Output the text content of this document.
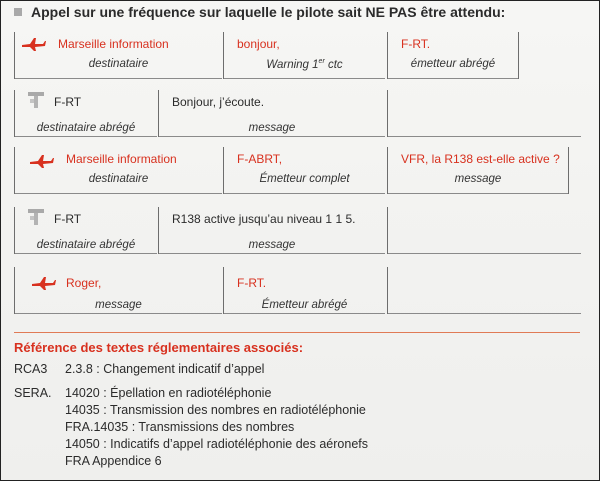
Appel sur une fréquence sur laquelle le pilote sait NE PAS être attendu:
Marseille information
destinataire
bonjour,
Warning 1er ctc
F-RT.
émetteur abrégé
F-RT
destinataire abrégé
Bonjour, j’écoute.
message
Marseille information
destinataire
F-ABRT,
Émetteur complet
VFR, la R138 est-elle active ?
message
F-RT
destinataire abrégé
R138 active jusqu’au niveau 1 1 5.
message
Roger,
message
F-RT.
Émetteur abrégé
Référence des textes réglementaires associés:
RCA3 2.3.8 : Changement indicatif d’appel
SERA. 14020 : Épellation en radiotéléphonie
14035 : Transmission des nombres en radiotéléphonie
FRA.14035 : Transmissions des nombres
14050 : Indicatifs d’appel radiotéléphonie des aéronefs
FRA Appendice 6
